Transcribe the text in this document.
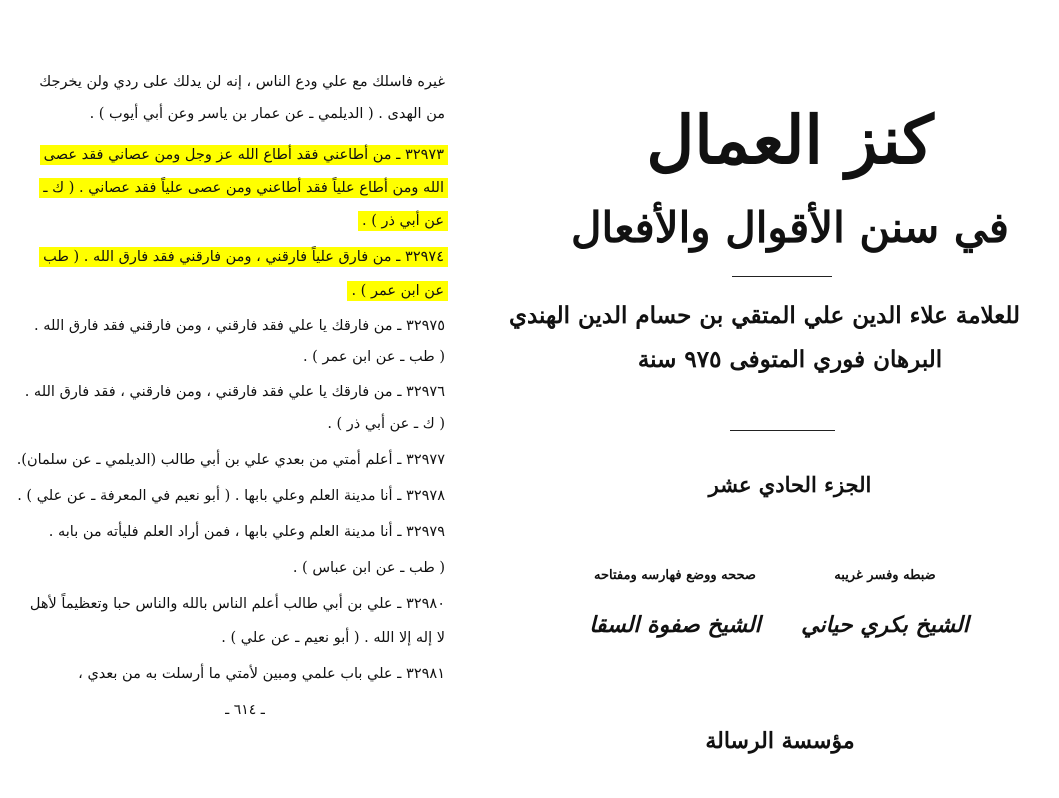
غيره فاسلك مع علي ودع الناس ، إنه لن يدلك على ردي ولن يخرجك
من الهدى . ( الديلمي ـ عن عمار بن ياسر وعن أبي أيوب ) .
٣٢٩٧٣ ـ من أطاعني فقد أطاع الله عز وجل ومن عصاني فقد عصى
الله ومن أطاع علياً فقد أطاعني ومن عصى علياً فقد عصاني . ( ك ـ
عن أبي ذر ) .
٣٢٩٧٤ ـ من فارق علياً فارقني ، ومن فارقني فقد فارق الله . ( طب
عن ابن عمر ) .
٣٢٩٧٥ ـ من فارقك يا علي فقد فارقني ، ومن فارقني فقد فارق الله .
( طب ـ عن ابن عمر ) .
٣٢٩٧٦ ـ من فارقك يا علي فقد فارقني ، ومن فارقني ، فقد فارق الله .
( ك ـ عن أبي ذر ) .
٣٢٩٧٧ ـ أعلم أمتي من بعدي علي بن أبي طالب (الديلمي ـ عن سلمان).
٣٢٩٧٨ ـ أنا مدينة العلم وعلي بابها . ( أبو نعيم في المعرفة ـ عن علي ) .
٣٢٩٧٩ ـ أنا مدينة العلم وعلي بابها ، فمن أراد العلم فليأته من بابه .
( طب ـ عن ابن عباس ) .
٣٢٩٨٠ ـ علي بن أبي طالب أعلم الناس بالله والناس حبا وتعظيماً لأهل
لا إله إلا الله . ( أبو نعيم ـ عن علي ) .
٣٢٩٨١ ـ علي باب علمي ومبين لأمتي ما أرسلت به من بعدي ،
ـ ٦١٤ ـ
كنز العمال
في سنن الأقوال والأفعال
للعلامة علاء الدين علي المتقي بن حسام الدين الهندي
البرهان فوري المتوفى ٩٧٥ سنة
الجزء الحادي عشر
ضبطه وفسر غريبه
الشيخ بكري حياني
صححه ووضع فهارسه ومفتاحه
الشيخ صفوة السقا
مؤسسة الرسالة
